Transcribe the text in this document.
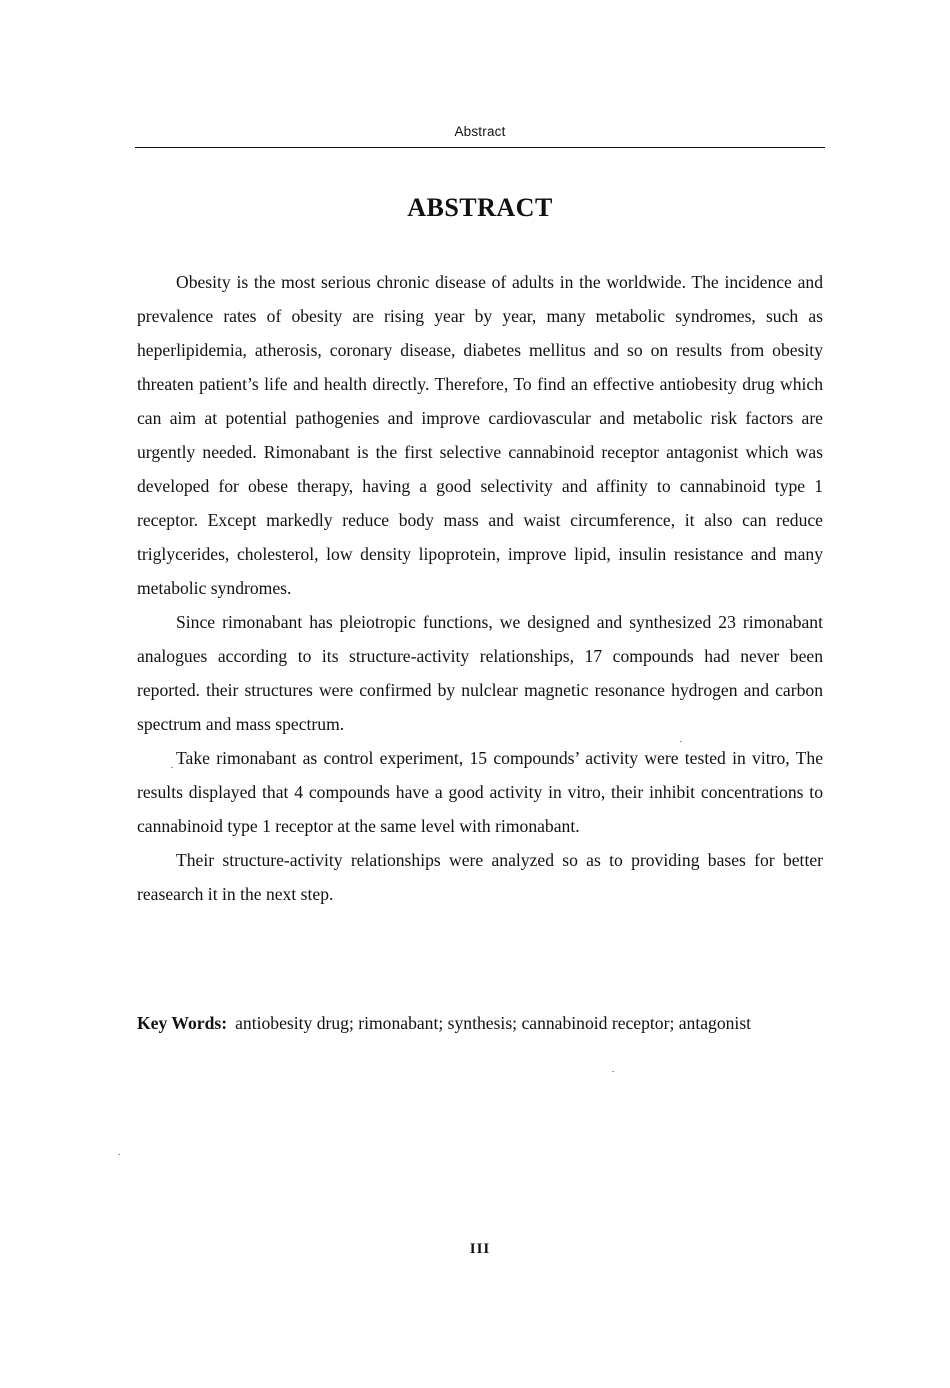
Abstract
ABSTRACT

Obesity is the most serious chronic disease of adults in the worldwide. The incidence and prevalence rates of obesity are rising year by year, many metabolic syndromes, such as heperlipidemia, atherosis, coronary disease, diabetes mellitus and so on results from obesity threaten patient’s life and health directly. Therefore, To find an effective antiobesity drug which can aim at potential pathogenies and improve cardiovascular and metabolic risk factors are urgently needed. Rimonabant is the first selective cannabinoid receptor antagonist which was developed for obese therapy, having a good selectivity and affinity to cannabinoid type 1 receptor. Except markedly reduce body mass and waist circumference, it also can reduce triglycerides, cholesterol, low density lipoprotein, improve lipid, insulin resistance and many metabolic syndromes.

Since rimonabant has pleiotropic functions, we designed and synthesized 23 rimonabant analogues according to its structure-activity relationships, 17 compounds had never been reported. their structures were confirmed by nulclear magnetic resonance hydrogen and carbon spectrum and mass spectrum.

Take rimonabant as control experiment, 15 compounds’ activity were tested in vitro, The results displayed that 4 compounds have a good activity in vitro, their inhibit concentrations to cannabinoid type 1 receptor at the same level with rimonabant.

Their structure-activity relationships were analyzed so as to providing bases for better reasearch it in the next step.

Key Words: antiobesity drug; rimonabant; synthesis; cannabinoid receptor; antagonist

III
